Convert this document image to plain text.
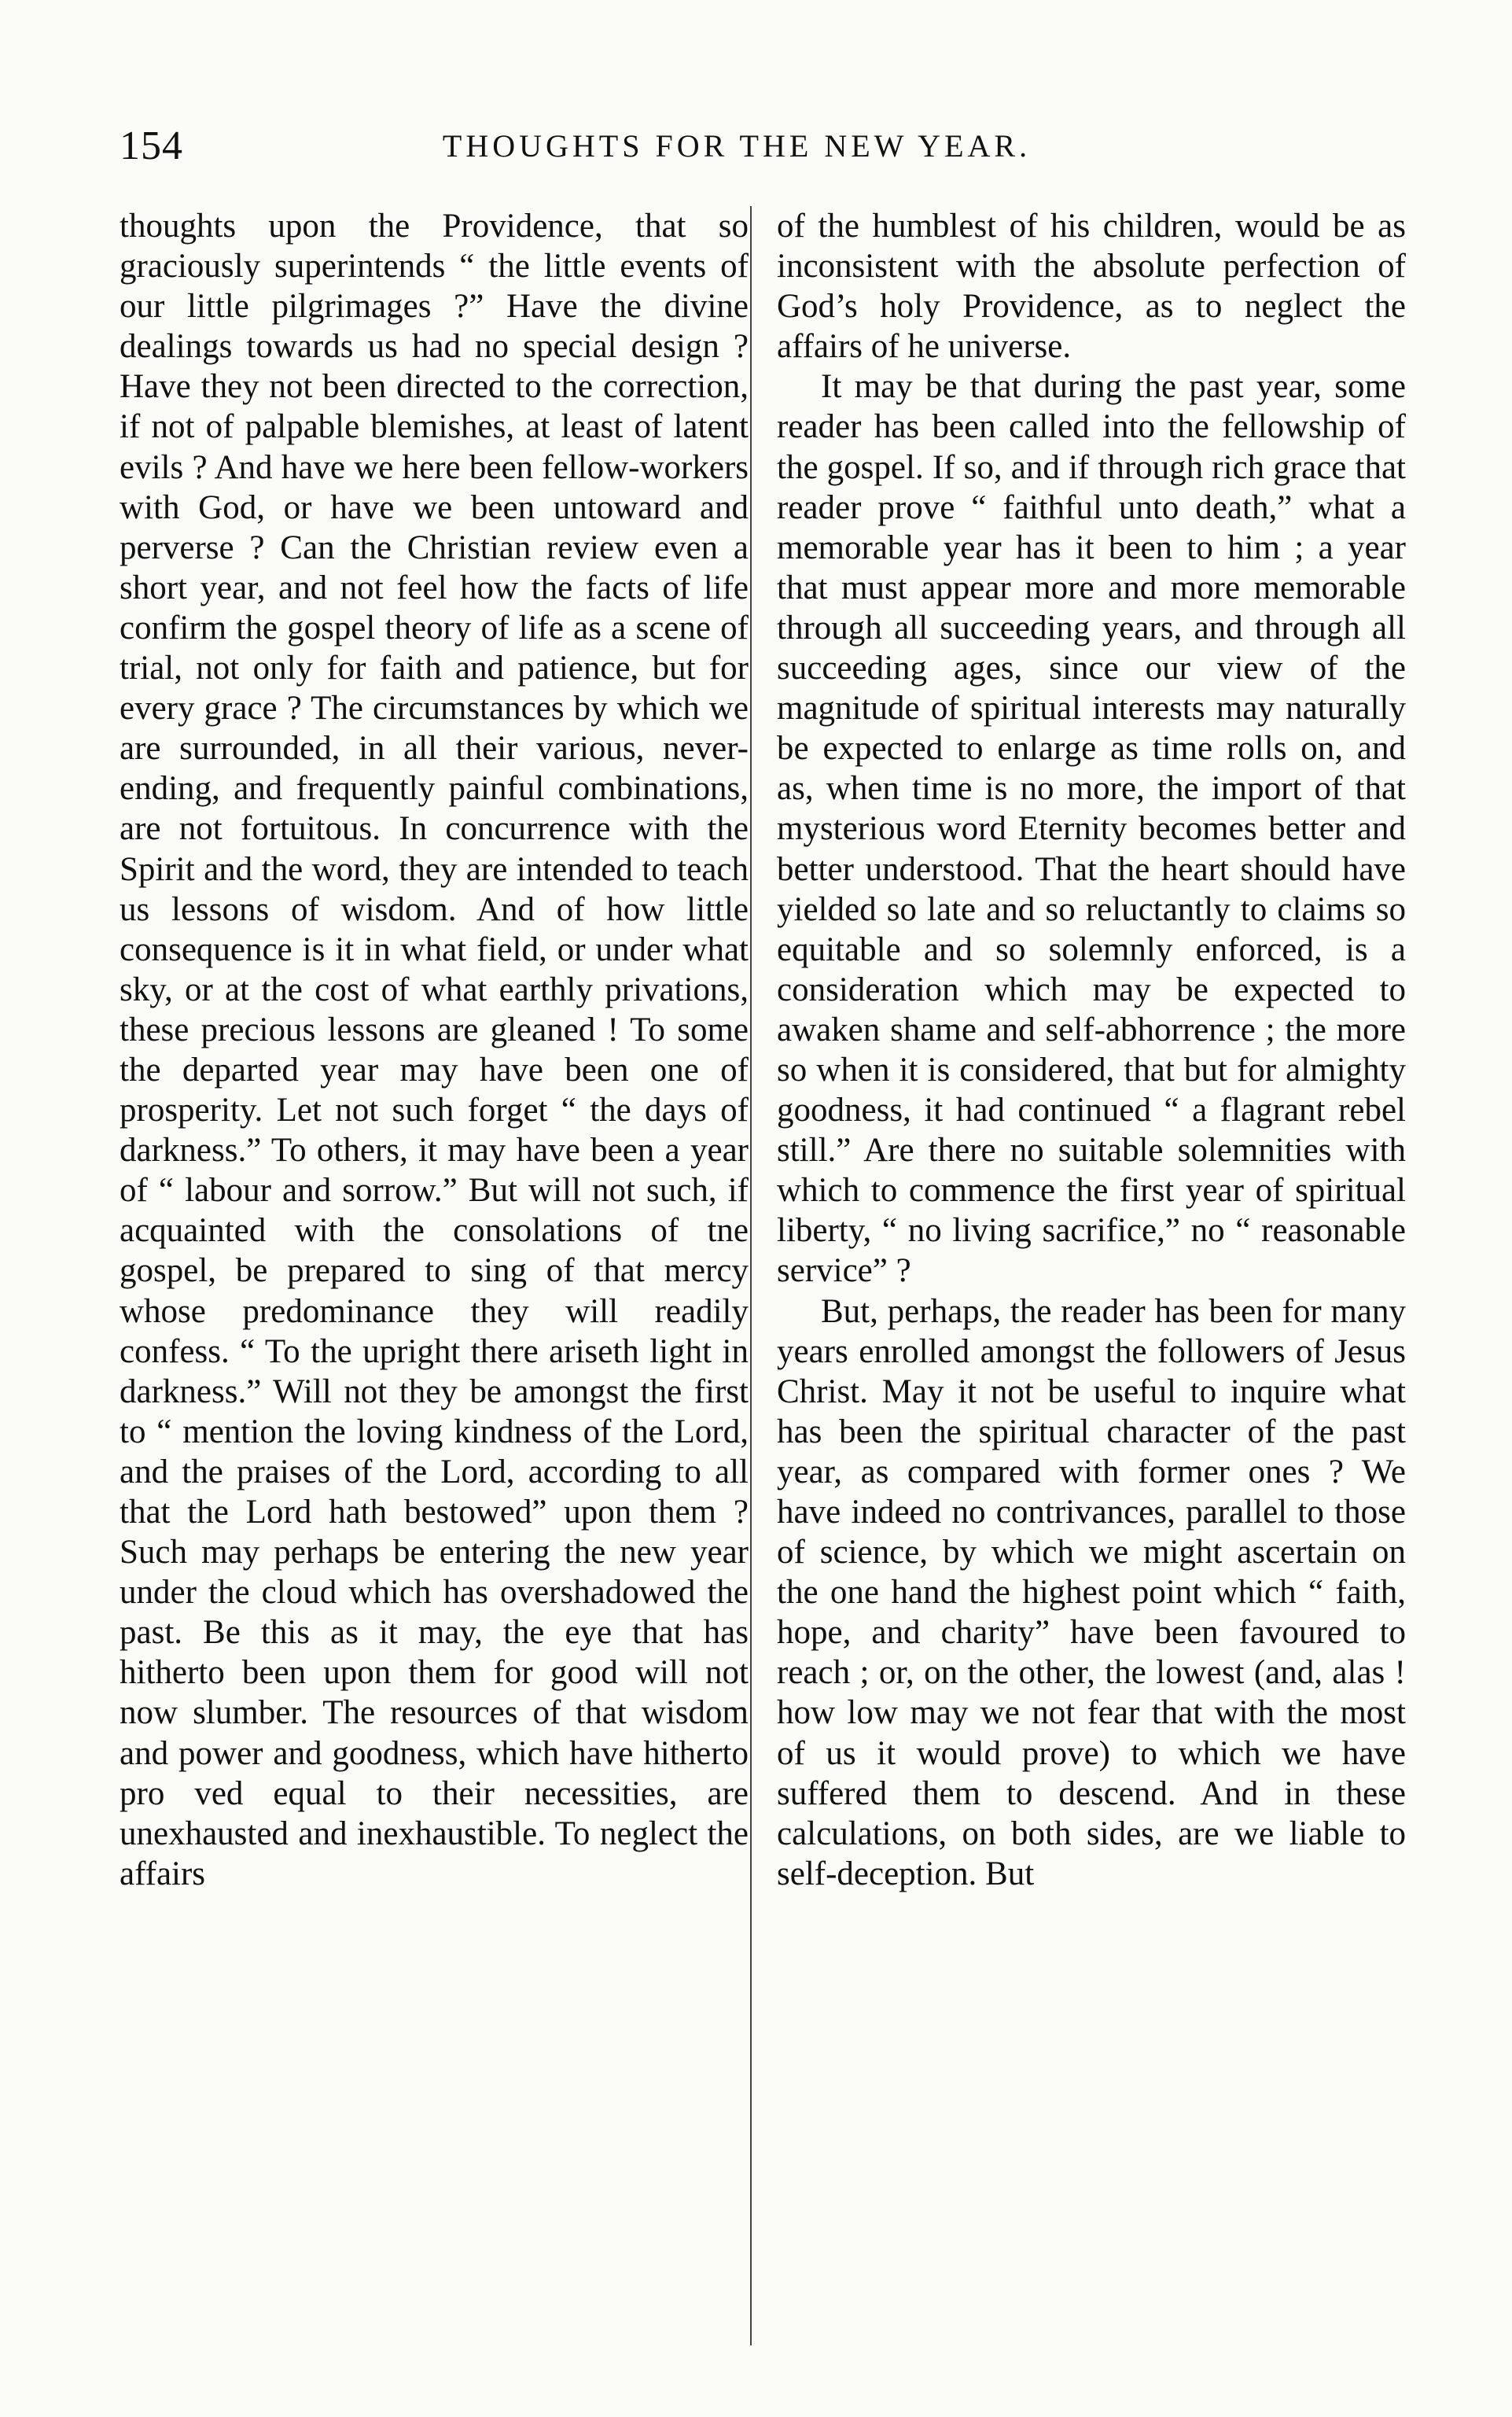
154	THOUGHTS FOR THE NEW YEAR.

thoughts upon the Providence, that so graciously superintends “ the little events of our little pilgrimages ?” Have the divine dealings towards us had no special design ? Have they not been directed to the correction, if not of palpable blemishes, at least of latent evils ? And have we here been fellow-workers with God, or have we been untoward and perverse ? Can the Christian review even a short year, and not feel how the facts of life confirm the gospel theory of life as a scene of trial, not only for faith and patience, but for every grace ? The circumstances by which we are surrounded, in all their various, never-ending, and frequently painful combinations, are not fortuitous. In concurrence with the Spirit and the word, they are intended to teach us lessons of wisdom. And of how little consequence is it in what field, or under what sky, or at the cost of what earthly privations, these precious lessons are gleaned ! To some the departed year may have been one of prosperity. Let not such forget “ the days of darkness.” To others, it may have been a year of “ labour and sorrow.” But will not such, if acquainted with the consolations of tne gospel, be prepared to sing of that mercy whose predominance they will readily confess. “ To the upright there ariseth light in darkness.” Will not they be amongst the first to “ mention the loving kindness of the Lord, and the praises of the Lord, according to all that the Lord hath bestowed” upon them ? Such may perhaps be entering the new year under the cloud which has overshadowed the past. Be this as it may, the eye that has hitherto been upon them for good will not now slumber. The resources of that wisdom and power and goodness, which have hitherto pro ved equal to their necessities, are unexhausted and inexhaustible. To neglect the affairs

of the humblest of his children, would be as inconsistent with the absolute perfection of God’s holy Providence, as to neglect the affairs of he universe.

It may be that during the past year, some reader has been called into the fellowship of the gospel. If so, and if through rich grace that reader prove “ faithful unto death,” what a memorable year has it been to him ; a year that must appear more and more memorable through all succeeding years, and through all succeeding ages, since our view of the magnitude of spiritual interests may naturally be expected to enlarge as time rolls on, and as, when time is no more, the import of that mysterious word Eternity becomes better and better understood. That the heart should have yielded so late and so reluctantly to claims so equitable and so solemnly enforced, is a consideration which may be expected to awaken shame and self-abhorrence ; the more so when it is considered, that but for almighty goodness, it had continued “ a flagrant rebel still.” Are there no suitable solemnities with which to commence the first year of spiritual liberty, “ no living sacrifice,” no “ reasonable service” ?

But, perhaps, the reader has been for many years enrolled amongst the followers of Jesus Christ. May it not be useful to inquire what has been the spiritual character of the past year, as compared with former ones ? We have indeed no contrivances, parallel to those of science, by which we might ascertain on the one hand the highest point which “ faith, hope, and charity” have been favoured to reach ; or, on the other, the lowest (and, alas ! how low may we not fear that with the most of us it would prove) to which we have suffered them to descend. And in these calculations, on both sides, are we liable to self-deception. But
